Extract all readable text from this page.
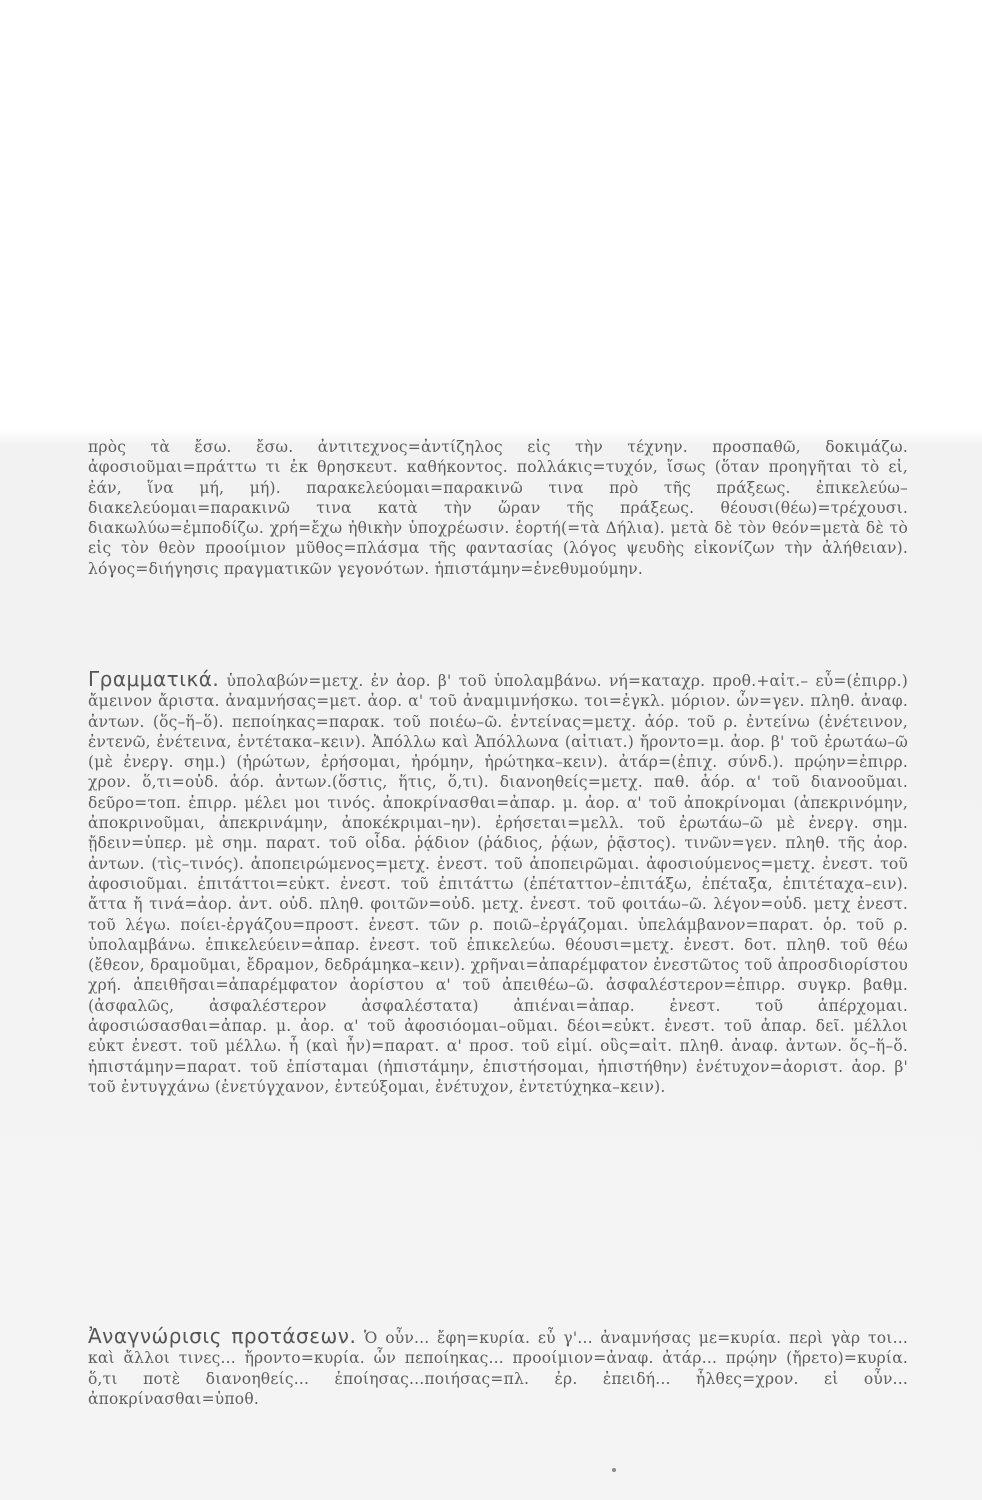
πρὸς τὰ ἔσω. ἔσω. ἀντιτεχνος=ἀντίζηλος εἰς τὴν τέχνην. προσπαθῶ, δοκιμάζω. ἀφοσιοῦμαι=πράττω τι ἐκ θρησκευτ. καθήκοντος. πολλάκις=τυχόν, ἴσως (ὅταν προηγῆται τὸ εἰ, ἐάν, ἵνα μή, μή). παρακελεύομαι=παρακινῶ τινα πρὸ τῆς πράξεως. ἐπικελεύω–διακελεύομαι=παρακινῶ τινα κατὰ τὴν ὥραν τῆς πράξεως. θέουσι(θέω)=τρέχουσι. διακωλύω=ἐμποδίζω. χρή=ἔχω ἠθικὴν ὑποχρέωσιν. ἑορτή(=τὰ Δήλια). μετὰ δὲ τὸν θεόν=μετὰ δὲ τὸ εἰς τὸν θεὸν προοίμιον μῦθος=πλάσμα τῆς φαντασίας (λόγος ψευδὴς εἰκονίζων τὴν ἀλήθειαν). λόγος=διήγησις πραγματικῶν γεγονότων. ἠπιστάμην=ἐνεθυμούμην.

Γραμματικά. ὑπολαβών=μετχ. ἐν ἀορ. β' τοῦ ὑπολαμβάνω. νή=καταχρ. προθ.+αἰτ.– εὖ=(ἐπιρρ.) ἄμεινον ἄριστα. ἀναμνήσας=μετ. ἀορ. α' τοῦ ἀναμιμνήσκω. τοι=ἐγκλ. μόριον. ὧν=γεν. πληθ. ἀναφ. ἀντων. (ὅς–ἥ–ὅ). πεποίηκας=παρακ. τοῦ ποιέω–ῶ. ἐντείνας=μετχ. ἀόρ. τοῦ ρ. ἐντείνω (ἐνέτεινον, ἐντενῶ, ἐνέτεινα, ἐντέτακα–κειν). Ἀπόλλω καὶ Ἀπόλλωνα (αἰτιατ.) ἤροντο=μ. ἀορ. β' τοῦ ἐρωτάω–ῶ (μὲ ἐνεργ. σημ.) (ἠρώτων, ἐρήσομαι, ἠρόμην, ἠρώτηκα–κειν). ἀτάρ=(ἐπιχ. σύνδ.). πρῴην=ἐπιρρ. χρον. ὅ,τι=οὐδ. ἀόρ. ἀντων.(ὅστις, ἥτις, ὅ,τι). διανοηθείς=μετχ. παθ. ἀόρ. α' τοῦ διανοοῦμαι. δεῦρο=τοπ. ἐπιρρ. μέλει μοι τινός. ἀποκρίνασθαι=ἀπαρ. μ. ἀορ. α' τοῦ ἀποκρίνομαι (ἀπεκρινόμην, ἀποκρινοῦμαι, ἀπεκρινάμην, ἀποκέκριμαι–ην). ἐρήσεται=μελλ. τοῦ ἐρωτάω–ῶ μὲ ἐνεργ. σημ. ᾔδειν=ὑπερ. μὲ σημ. παρατ. τοῦ οἶδα. ῥᾴδιον (ῥάδιος, ῥᾴων, ῥᾷστος). τινῶν=γεν. πληθ. τῆς ἀορ. ἀντων. (τὶς–τινός). ἀποπειρώμενος=μετχ. ἐνεστ. τοῦ ἀποπειρῶμαι. ἀφοσιούμενος=μετχ. ἐνεστ. τοῦ ἀφοσιοῦμαι. ἐπιτάττοι=εὐκτ. ἐνεστ. τοῦ ἐπιτάττω (ἐπέταττον–ἐπιτάξω, ἐπέταξα, ἐπιτέταχα–ειν). ἄττα ἤ τινά=ἀορ. ἀντ. οὐδ. πληθ. φοιτῶν=οὐδ. μετχ. ἐνεστ. τοῦ φοιτάω–ῶ. λέγον=οὐδ. μετχ ἐνεστ. τοῦ λέγω. ποίει-ἐργάζου=προστ. ἐνεστ. τῶν ρ. ποιῶ–ἐργάζομαι. ὑπελάμβανον=παρατ. ὁρ. τοῦ ρ. ὑπολαμβάνω. ἐπικελεύειν=ἀπαρ. ἐνεστ. τοῦ ἐπικελεύω. θέουσι=μετχ. ἐνεστ. δοτ. πληθ. τοῦ θέω (ἔθεον, δραμοῦμαι, ἔδραμον, δεδράμηκα–κειν). χρῆναι=ἀπαρέμφατον ἐνεστῶτος τοῦ ἀπροσδιορίστου χρή. ἀπειθῆσαι=ἀπαρέμφατον ἀορίστου α' τοῦ ἀπειθέω–ῶ. ἀσφαλέστερον=ἐπιρρ. συγκρ. βαθμ. (ἀσφαλῶς, ἀσφαλέστερον ἀσφαλέστατα) ἀπιέναι=ἀπαρ. ἐνεστ. τοῦ ἀπέρχομαι. ἀφοσιώσασθαι=ἀπαρ. μ. ἀορ. α' τοῦ ἀφοσιόομαι–οῦμαι. δέοι=εὐκτ. ἐνεστ. τοῦ ἀπαρ. δεῖ. μέλλοι εὐκτ ἐνεστ. τοῦ μέλλω. ἦ (καὶ ἦν)=παρατ. α' προσ. τοῦ εἰμί. οὓς=αἰτ. πληθ. ἀναφ. ἀντων. ὅς–ἥ–ὅ. ἠπιστάμην=παρατ. τοῦ ἐπίσταμαι (ἠπιστάμην, ἐπιστήσομαι, ἠπιστήθην) ἐνέτυχον=ἀοριστ. ἀορ. β' τοῦ ἐντυγχάνω (ἐνετύγχανον, ἐντεύξομαι, ἐνέτυχον, ἐντετύχηκα–κειν).

Ἀναγνώρισις προτάσεων. Ὁ οὖν... ἔφη=κυρία. εὖ γ'... ἀναμνήσας με=κυρία. περὶ γὰρ τοι... καὶ ἄλλοι τινες... ἤροντο=κυρία. ὧν πεποίηκας... προοίμιον=ἀναφ. ἀτάρ... πρῴην (ἤρετο)=κυρία. ὅ,τι ποτὲ διανοηθείς... ἐποίησας...ποιήσας=πλ. ἐρ. ἐπειδή... ἦλθες=χρον. εἰ οὖν... ἀποκρίνασθαι=ὑποθ.
